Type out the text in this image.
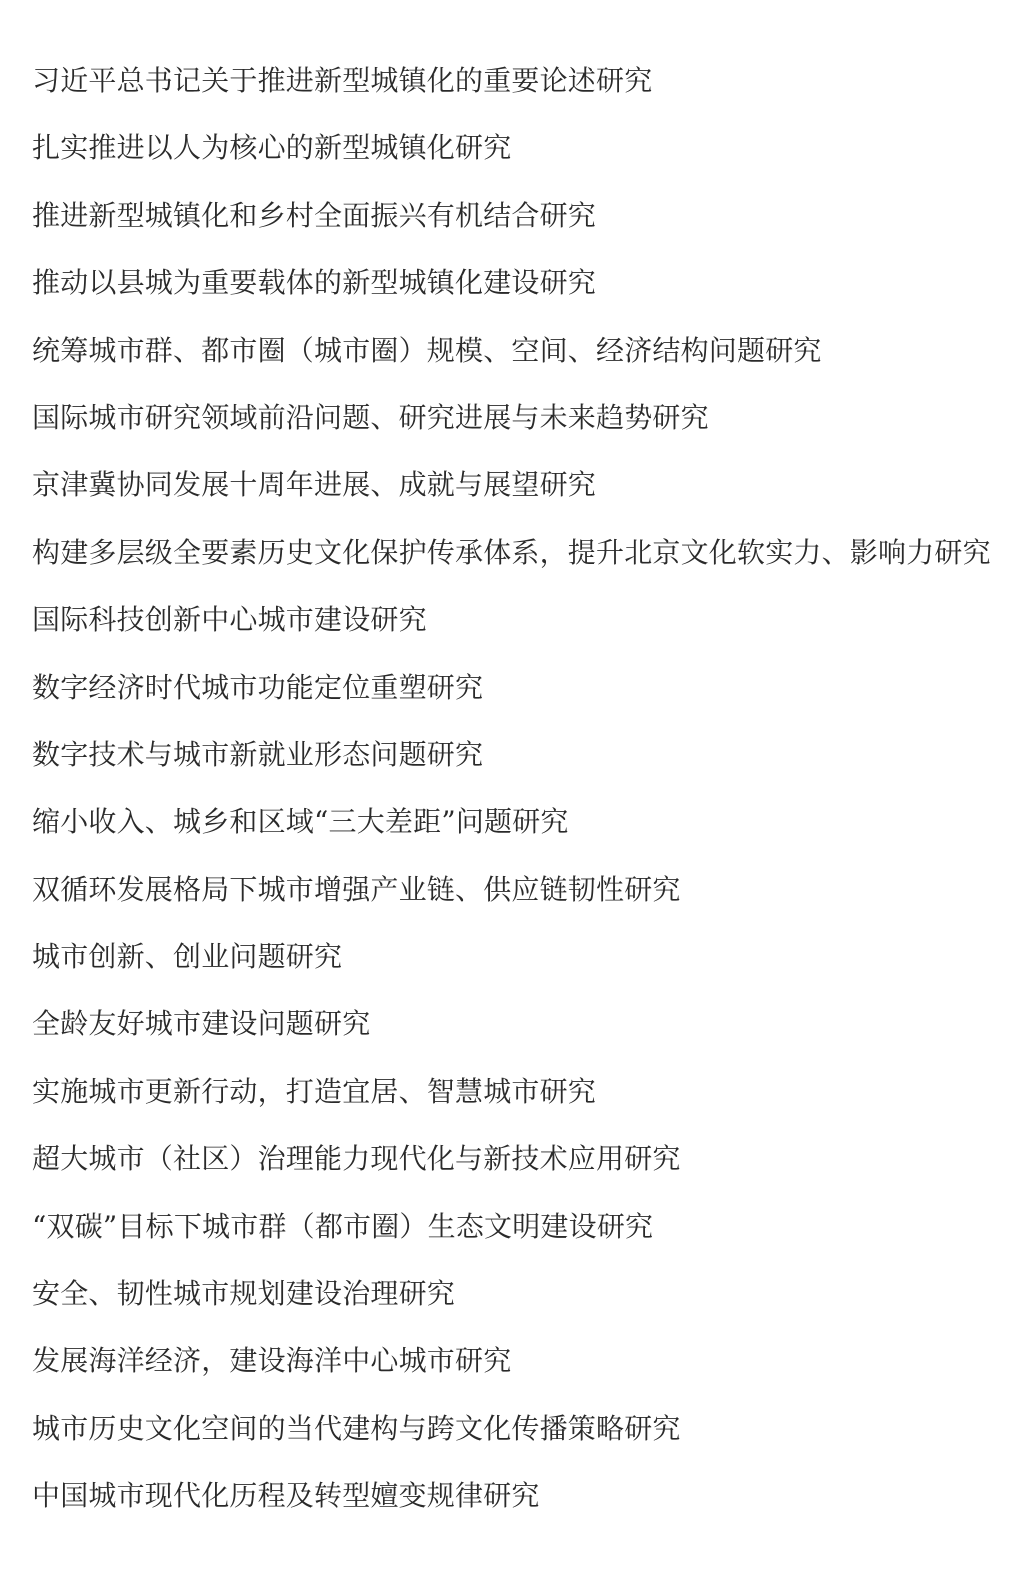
习近平总书记关于推进新型城镇化的重要论述研究
扎实推进以人为核心的新型城镇化研究
推进新型城镇化和乡村全面振兴有机结合研究
推动以县城为重要载体的新型城镇化建设研究
统筹城市群、都市圈（城市圈）规模、空间、经济结构问题研究
国际城市研究领域前沿问题、研究进展与未来趋势研究
京津冀协同发展十周年进展、成就与展望研究
构建多层级全要素历史文化保护传承体系，提升北京文化软实力、影响力研究
国际科技创新中心城市建设研究
数字经济时代城市功能定位重塑研究
数字技术与城市新就业形态问题研究
缩小收入、城乡和区域“三大差距”问题研究
双循环发展格局下城市增强产业链、供应链韧性研究
城市创新、创业问题研究
全龄友好城市建设问题研究
实施城市更新行动，打造宜居、智慧城市研究
超大城市（社区）治理能力现代化与新技术应用研究
“双碳”目标下城市群（都市圈）生态文明建设研究
安全、韧性城市规划建设治理研究
发展海洋经济，建设海洋中心城市研究
城市历史文化空间的当代建构与跨文化传播策略研究
中国城市现代化历程及转型嬗变规律研究
